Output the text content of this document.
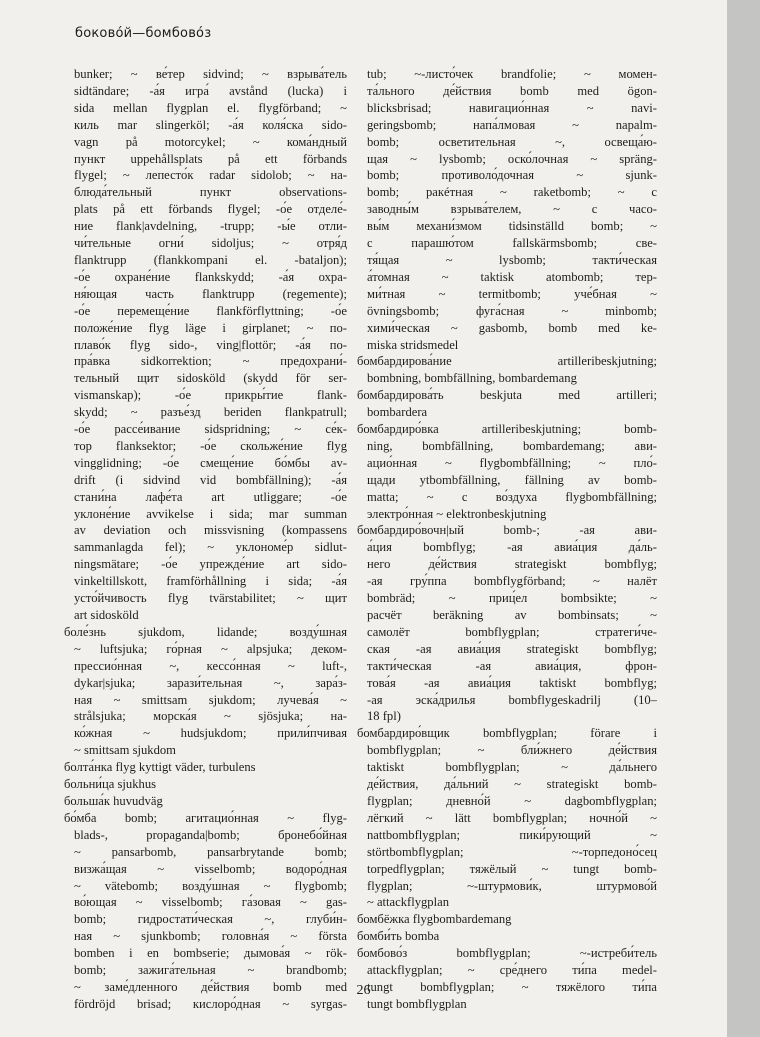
боково́й—бомбово́з
bunker; ~ ве́тер sidvind; ~ взрыва́тель
sidtändare; -а́я игра́ avstånd (lucka) i
sida mellan flygplan el. flygförband; ~
киль mar slingerköl; -а́я коля́ска sido-
vagn på motorcykel; ~ кома́ндный
пункт uppehållsplats på ett förbands
flygel; ~ лепесто́к radar sidolob; ~ на-
блюда́тельный пункт observations-
plats på ett förbands flygel; -о́е отделе́-
ние flank|avdelning, -trupp; -ы́е отли-
чи́тельные огни́ sidoljus; ~ отря́д
flanktrupp (flankkompani el. -bataljon);
-о́е охране́ние flankskydd; -а́я охра-
ня́ющая часть flanktrupp (regemente);
-о́е перемеще́ние flankförflyttning; -о́е
положе́ние flyg läge i girplanet; ~ по-
плаво́к flyg sido-, ving|flottör; -а́я по-
пра́вка sidkorrektion; ~ предохрани́-
тельный щит sidosköld (skydd för ser-
vismanskap); -о́е прикры́тие flank-
skydd; ~ разъе́зд beriden flankpatrull;
-о́е рассе́ивание sidspridning; ~ се́к-
тор flanksektor; -о́е скольже́ние flyg
vingglidning; -о́е смеще́ние бо́мбы av-
drift (i sidvind vid bombfällning); -а́я
стани́на лафе́та art utliggare; -о́е
уклоне́ние avvikelse i sida; mar summan
av deviation och missvisning (kompassens
sammanlagda fel); ~ уклономе́р sidlut-
ningsmätare; -о́е упрежде́ние art sido-
vinkeltillskott, framförhållning i sida; -а́я
усто́йчивость flyg tvärstabilitet; ~ щит
art sidosköld
боле́знь sjukdom, lidande; возду́шная
~ luftsjuka; го́рная ~ alpsjuka; деком-
прессио́нная ~, кессо́нная ~ luft-,
dykar|sjuka; зарази́тельная ~, зара́з-
ная ~ smittsam sjukdom; лучева́я ~
strålsjuka; морска́я ~ sjösjuka; на-
ко́жная ~ hudsjukdom; прили́пчивая
~ smittsam sjukdom
болта́нка flyg kyttigt väder, turbulens
больни́ца sjukhus
больша́к huvudväg
бо́мба bomb; агитацио́нная ~ flyg-
blads-, propaganda|bomb; бронебо́йная
~ pansarbomb, pansarbrytande bomb;
визжа́щая ~ visselbomb; водоро́дная
~ vätebomb; возду́шная ~ flygbomb;
во́ющая ~ visselbomb; га́зовая ~ gas-
bomb; гидростати́ческая ~, глуби́н-
ная ~ sjunkbomb; головна́я ~ första
bomben i en bombserie; дымова́я ~ rök-
bomb; зажига́тельная ~ brandbomb;
~ заме́дленного де́йствия bomb med
fördröjd brisad; кислоро́дная ~ syrgas-
tub; ~-листо́чек brandfolie; ~ момен-
та́льного де́йствия bomb med ögon-
blicksbrisad; навигацио́нная ~ navi-
geringsbomb; напа́лмовая ~ napalm-
bomb; осветительная ~, освеща́ю-
щая ~ lysbomb; оско́лочная ~ spräng-
bomb; противоло́дочная ~ sjunk-
bomb; ракéтная ~ raketbomb; ~ с
заводны́м взрыва́телем, ~ с часо-
вы́м механи́змом tidsinställd bomb; ~
с парашю́том fallskärmsbomb; све-
тя́щая ~ lysbomb; такти́ческая
а́томная ~ taktisk atombomb; тер-
ми́тная ~ termitbomb; уче́бная ~
övningsbomb; фуга́сная ~ minbomb;
хими́ческая ~ gasbomb, bomb med ke-
miska stridsmedel
бомбардирова́ние artilleribeskjutning;
bombning, bombfällning, bombardemang
бомбардирова́ть beskjuta med artilleri;
bombardera
бомбардиро́вка artilleribeskjutning; bomb-
ning, bombfällning, bombardemang; ави-
ацио́нная ~ flygbombfällning; ~ пло́-
щади ytbombfällning, fällning av bomb-
matta; ~ с во́здуха flygbombfällning;
электро́нная ~ elektronbeskjutning
бомбардиро́вочн|ый bomb-; -ая ави-
а́ция bombflyg; -ая авиа́ция да́ль-
него де́йствия strategiskt bombflyg;
-ая гру́ппа bombflygförband; ~ налёт
bombräd; ~ приц́ел bombsikte; ~
расчёт beräkning av bombinsats; ~
самолёт bombflygplan; стратеги́че-
ская -ая авиа́ция strategiskt bombflyg;
такти́ческая -ая авиа́ция, фрон-
това́я -ая авиа́ция taktiskt bombflyg;
-ая эска́дрилья bombflygeskadrilj (10–
18 fpl)
бомбардиро́вщик bombflygplan; förare i
bombflygplan; ~ бли́жнего де́йствия
taktiskt bombflygplan; ~ да́льнего
де́йствия, да́льний ~ strategiskt bomb-
flygplan; дневно́й ~ dagbombflygplan;
лёгкий ~ lätt bombflygplan; ночно́й ~
nattbombflygplan; пики́рующий ~
störtbombflygplan; ~-торпедоно́сец
torpedflygplan; тяжёлый ~ tungt bomb-
flygplan; ~-штурмови́к, штурмово́й
~ attackflygplan
бомбёжка flygbombardemang
бомби́ть bomba
бомбово́з bombflygplan; ~-истреби́тель
attackflygplan; ~ сре́днего ти́па medel-
tungt bombflygplan; ~ тяжёлого ти́па
tungt bombflygplan
26
